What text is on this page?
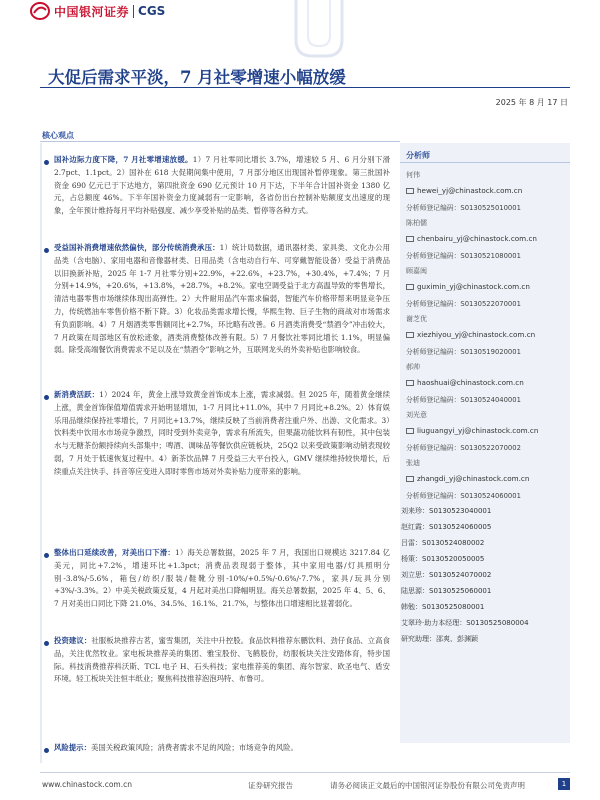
中国银河证券 CGS
大促后需求平淡，7 月社零增速小幅放缓
2025 年 8 月 17 日
核心观点
国补边际力度下降，7 月社零增速放缓。1）7 月社零同比增长 3.7%，增速较 5 月、6 月分别下滑 2.7pct、1.1pct。2）国补在 618 大促期间集中使用，7 月部分地区出现国补暂停现象。第三批国补资金 690 亿元已于下达地方，第四批资金 690 亿元预计 10 月下达，下半年合计国补资金 1380 亿元，占总额度 46%。下半年国补资金力度减弱有一定影响，各省份出台控制补贴额度支出速度的现象，全年预计维持每月平均补贴强度、减少享受补贴的品类、暂停等各种方式。
受益国补消费增速依然偏快，部分传统消费承压：1）统计局数据，通讯器材类、家具类、文化办公用品类（含电脑）、家用电器和音像器材类、日用品类（含电动自行车、可穿戴智能设备）受益于消费品以旧换新补贴，2025 年 1-7 月社零分别+22.9%，+22.6%，+23.7%，+30.4%，+7.4%；7 月分别+14.9%，+20.6%，+13.8%，+28.7%，+8.2%。家电空调受益于北方高温导致的零售增长，清洁电器零售市场继续体现出高弹性。2）大件耐用品汽车需求偏弱，智能汽车价格带帮来明显竞争压力，传统燃油车零售价格不断下降。3）化妆品类需求增长慢，华熙生物、巨子生物的商战对市场需求有负面影响。4）7 月烟酒类零售额同比+2.7%，环比略有改善。6 月酒类消费受“禁酒令”冲击较大，7 月政策在局部地区有放松迹象，酒类消费整体改善有限。5）7 月餐饮社零同比增长 1.1%，明显偏弱。除受高端餐饮消费需求不足以及在“禁酒令”影响之外，互联网龙头的外卖补贴也影响较食。
新消费活跃：1）2024 年，黄金上涨导致黄金首饰成本上涨，需求减弱。但 2025 年，随着黄金继续上涨，黄金首饰保值增值需求开始明显增加，1-7 月同比+11.0%，其中 7 月同比+8.2%。2）体育娱乐用品继续保持社零增长，7 月同比+13.7%，继续反映了当前消费者注重户外、出游、文化需求。3）饮料类中饮用水市场竞争激烈，同时受到外卖竞争，需求有所流失，但果蔬功能饮料有韧性，其中包装水与无糖茶份额持续向头部集中；啤酒、调味品等餐饮供应链板块，25Q2 以来受政策影响动销表现较弱，7 月处于低速恢复过程中。4）新茶饮品牌 7 月受益三大平台投入，GMV 继续维持较快增长，后续重点关注快手、抖音等应变进入即时零售市场对外卖补贴力度带来的影响。
整体出口延续改善，对美出口下滑：1）海关总署数据，2025 年 7 月，我国出口规模达 3217.84 亿美元，同比+7.2%，增速环比+1.3pct；消费品表现弱于整体，其中家用电器/灯具照明分别-3.8%/-5.6%，箱包/纺织/服装/鞋靴分别-10%/+0.5%/-0.6%/-7.7%，家具/玩具分别+3%/-3.3%。2）中美关税政策反复，4 月起对美出口降幅明显。海关总署数据，2025 年 4、5、6、7 月对美出口同比下降 21.0%、34.5%、16.1%、21.7%，与整体出口增速相比显著弱化。
投资建议：社服板块推荐古茗，蜜雪集团，关注中升控股。食品饮料推荐东鹏饮料、劲仔食品、立高食品，关注优然牧业。家电板块推荐美的集团、雅宝股份、飞鹤股份，纺服板块关注安踏体育，特步国际。科技消费推荐科沃斯、TCL 电子 H、石头科技；家电推荐美的集团、海尔智家、欧圣电气、盾安环境。轻工板块关注恒丰纸业；聚焦科技推荐泡泡玛特、布鲁可。
风险提示：美国关税政策风险；消费者需求不足的风险；市场竞争的风险。
分析师
何伟
hewei_yj@chinastock.com.cn
分析师登记编码：S0130525010001
陈柏儒
chenbairu_yj@chinastock.com.cn
分析师登记编码：S0130521080001
顾嘉闽
guximin_yj@chinastock.com.cn
分析师登记编码：S0130522070001
谢芝优
xiezhiyou_yj@chinastock.com.cn
分析师登记编码：S0130519020001
郝帅
haoshuai@chinastock.com.cn
分析师登记编码：S0130524040001
刘光意
liuguangyi_yj@chinastock.com.cn
分析师登记编码：S0130522070002
张迪
zhangdi_yj@chinastock.com.cn
分析师登记编码：S0130524060001
刘来珍：S0130523040001
赵红霞：S0130524060005
吕雷：S0130524080002
杨策：S0130520050005
刘立思：S0130524070002
陆思源：S0130525060001
韩勉：S0130525080001
艾翠玲·助力本经理：S0130525080004
研究助理：邵爽、彭渊颖
www.chinastock.com.cn	证券研究报告	请务必阅读正文最后的中国银河证券股份有限公司免责声明	1
